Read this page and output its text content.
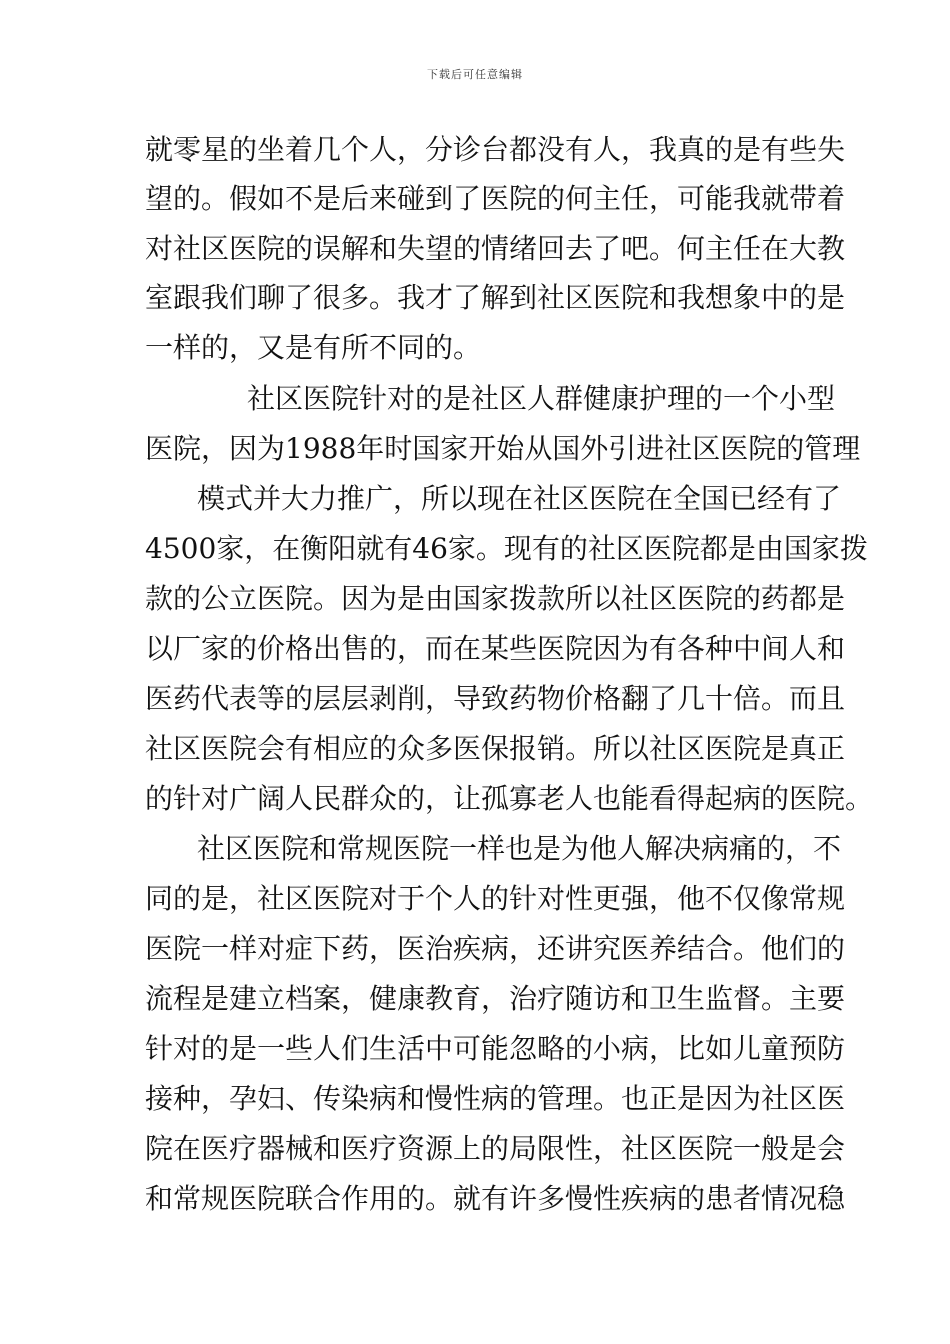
下载后可任意编辑
就零星的坐着几个人，分诊台都没有人，我真的是有些失
望的。假如不是后来碰到了医院的何主任，可能我就带着
对社区医院的误解和失望的情绪回去了吧。何主任在大教
室跟我们聊了很多。我才了解到社区医院和我想象中的是
一样的，又是有所不同的。
社区医院针对的是社区人群健康护理的一个小型
医院，因为1988年时国家开始从国外引进社区医院的管理
模式并大力推广，所以现在社区医院在全国已经有了
4500家，在衡阳就有46家。现有的社区医院都是由国家拨
款的公立医院。因为是由国家拨款所以社区医院的药都是
以厂家的价格出售的，而在某些医院因为有各种中间人和
医药代表等的层层剥削，导致药物价格翻了几十倍。而且
社区医院会有相应的众多医保报销。所以社区医院是真正
的针对广阔人民群众的，让孤寡老人也能看得起病的医院。
社区医院和常规医院一样也是为他人解决病痛的，不
同的是，社区医院对于个人的针对性更强，他不仅像常规
医院一样对症下药，医治疾病，还讲究医养结合。他们的
流程是建立档案，健康教育，治疗随访和卫生监督。主要
针对的是一些人们生活中可能忽略的小病，比如儿童预防
接种，孕妇、传染病和慢性病的管理。也正是因为社区医
院在医疗器械和医疗资源上的局限性，社区医院一般是会
和常规医院联合作用的。就有许多慢性疾病的患者情况稳
